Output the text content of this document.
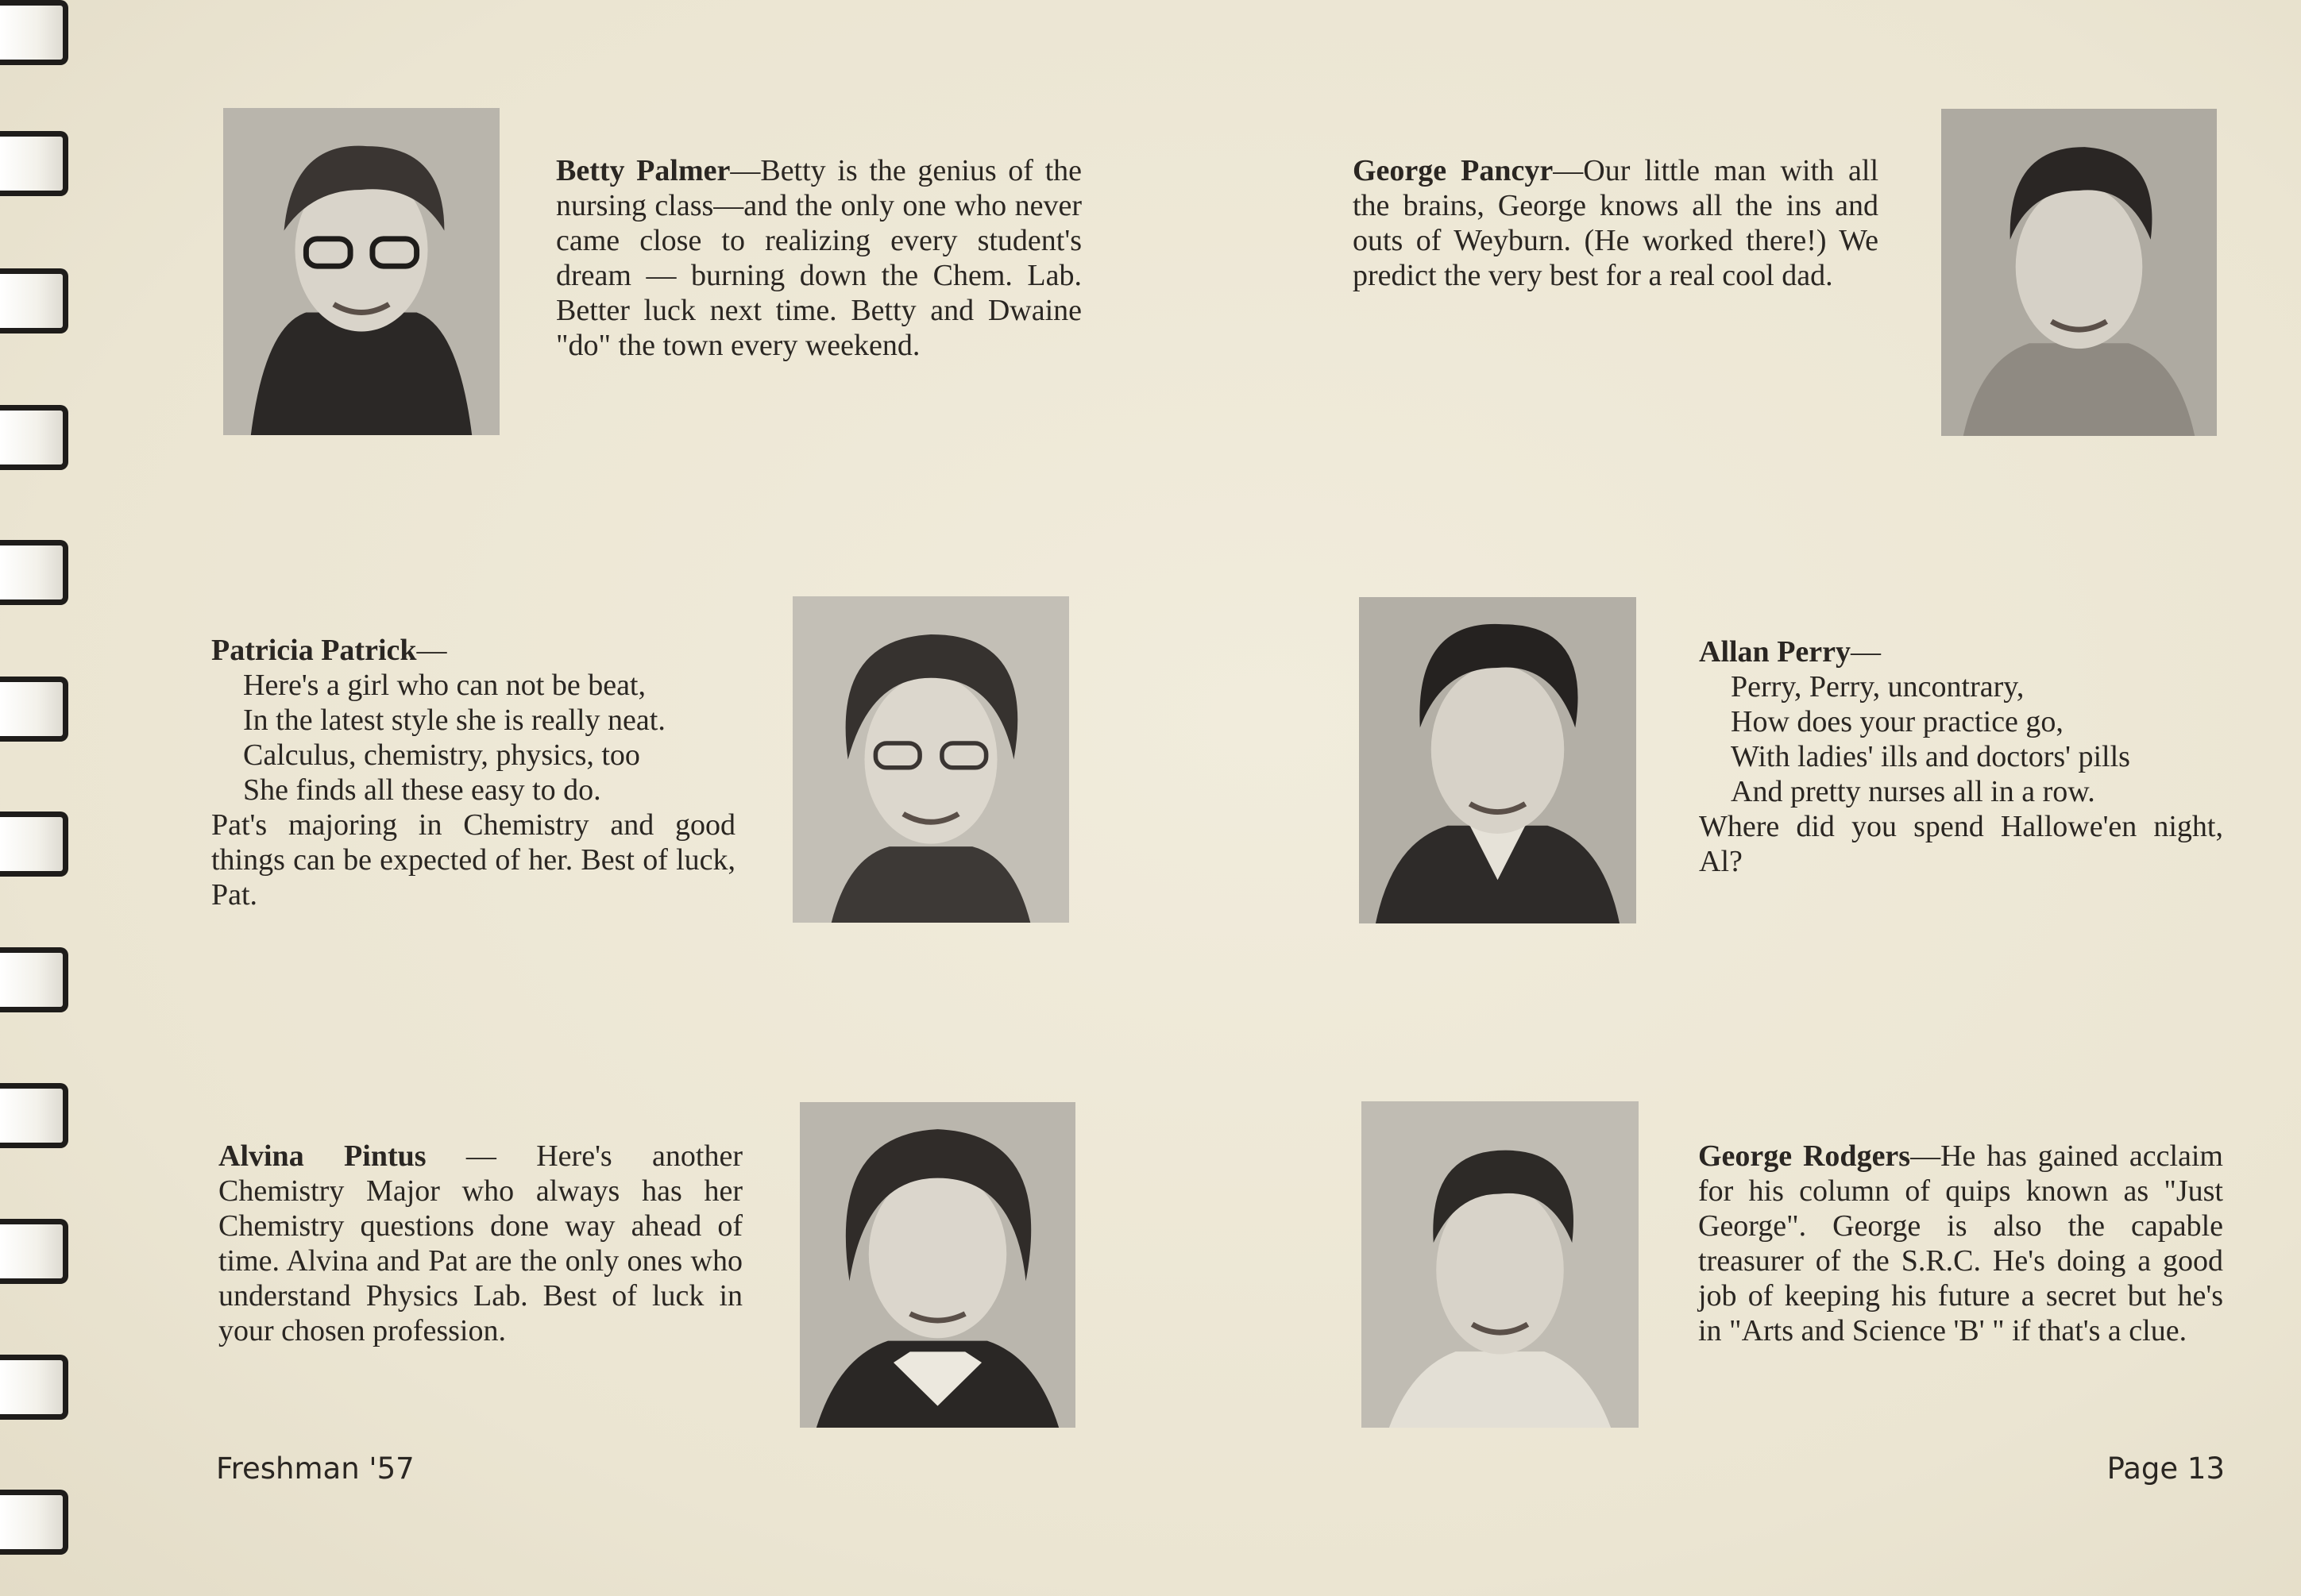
Betty Palmer—Betty is the genius of the nursing class—and the only one who never came close to realizing every student's dream — burning down the Chem. Lab. Better luck next time. Betty and Dwaine "do" the town every weekend.
George Pancyr—Our little man with all the brains, George knows all the ins and outs of Weyburn. (He worked there!) We predict the very best for a real cool dad.
Patricia Patrick—
Here's a girl who can not be beat,
In the latest style she is really neat.
Calculus, chemistry, physics, too
She finds all these easy to do.
Pat's majoring in Chemistry and good things can be expected of her. Best of luck, Pat.
Allan Perry—
Perry, Perry, uncontrary,
How does your practice go,
With ladies' ills and doctors' pills
And pretty nurses all in a row.
Where did you spend Hallowe'en night, Al?
Alvina Pintus — Here's another Chemistry Major who always has her Chemistry questions done way ahead of time. Alvina and Pat are the only ones who understand Physics Lab. Best of luck in your chosen profession.
George Rodgers—He has gained acclaim for his column of quips known as "Just George". George is also the capable treasurer of the S.R.C. He's doing a good job of keeping his future a secret but he's in "Arts and Science 'B' " if that's a clue.
Freshman '57	Page 13
